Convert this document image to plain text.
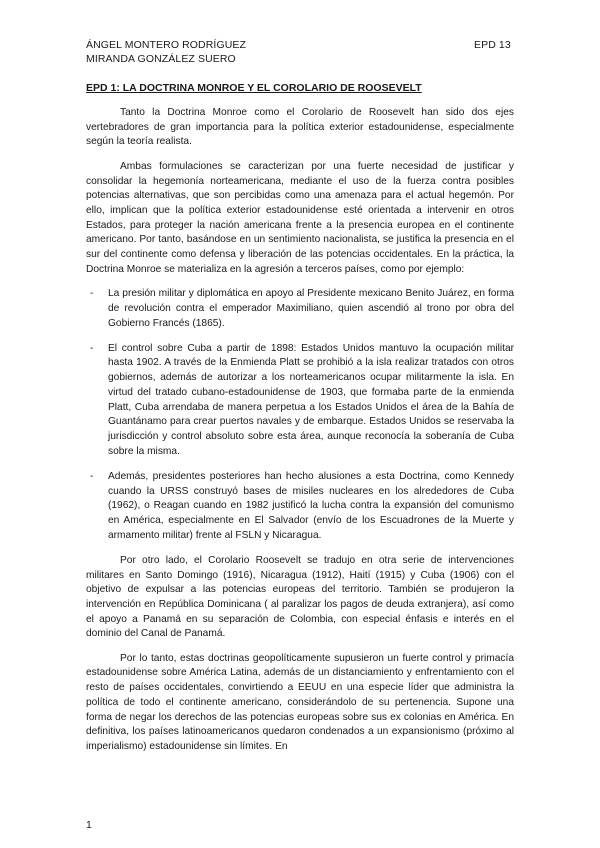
ÁNGEL MONTERO RODRÍGUEZ
MIRANDA GONZÁLEZ SUERO
EPD 13
EPD 1: LA DOCTRINA MONROE Y EL COROLARIO DE ROOSEVELT

Tanto la Doctrina Monroe como el Corolario de Roosevelt han sido dos ejes vertebradores de gran importancia para la política exterior estadounidense, especialmente según la teoría realista.

Ambas formulaciones se caracterizan por una fuerte necesidad de justificar y consolidar la hegemonía norteamericana, mediante el uso de la fuerza contra posibles potencias alternativas, que son percibidas como una amenaza para el actual hegemón. Por ello, implican que la política exterior estadounidense esté orientada a intervenir en otros Estados, para proteger la nación americana frente a la presencia europea en el continente americano. Por tanto, basándose en un sentimiento nacionalista, se justifica la presencia en el sur del continente como defensa y liberación de las potencias occidentales. En la práctica, la Doctrina Monroe se materializa en la agresión a terceros países, como por ejemplo:

- La presión militar y diplomática en apoyo al Presidente mexicano Benito Juárez, en forma de revolución contra el emperador Maximiliano, quien ascendió al trono por obra del Gobierno Francés (1865).
- El control sobre Cuba a partir de 1898: Estados Unidos mantuvo la ocupación militar hasta 1902. A través de la Enmienda Platt se prohibió a la isla realizar tratados con otros gobiernos, además de autorizar a los norteamericanos ocupar militarmente la isla. En virtud del tratado cubano-estadounidense de 1903, que formaba parte de la enmienda Platt, Cuba arrendaba de manera perpetua a los Estados Unidos el área de la Bahía de Guantánamo para crear puertos navales y de embarque. Estados Unidos se reservaba la jurisdicción y control absoluto sobre esta área, aunque reconocía la soberanía de Cuba sobre la misma.
- Además, presidentes posteriores han hecho alusiones a esta Doctrina, como Kennedy cuando la URSS construyó bases de misiles nucleares en los alrededores de Cuba (1962), o Reagan cuando en 1982 justificó la lucha contra la expansión del comunismo en América, especialmente en El Salvador (envío de los Escuadrones de la Muerte y armamento militar) frente al FSLN y Nicaragua.

Por otro lado, el Corolario Roosevelt se tradujo en otra serie de intervenciones militares en Santo Domingo (1916), Nicaragua (1912), Haití (1915) y Cuba (1906) con el objetivo de expulsar a las potencias europeas del territorio. También se produjeron la intervención en República Dominicana ( al paralizar los pagos de deuda extranjera), así como el apoyo a Panamá en su separación de Colombia, con especial énfasis e interés en el dominio del Canal de Panamá.

Por lo tanto, estas doctrinas geopolíticamente supusieron un fuerte control y primacía estadounidense sobre América Latina, además de un distanciamiento y enfrentamiento con el resto de países occidentales, convirtiendo a EEUU en una especie líder que administra la política de todo el continente americano, considerándolo de su pertenencia. Supone una forma de negar los derechos de las potencias europeas sobre sus ex colonias en América. En definitiva, los países latinoamericanos quedaron condenados a un expansionismo (próximo al imperialismo) estadounidense sin límites. En

1
